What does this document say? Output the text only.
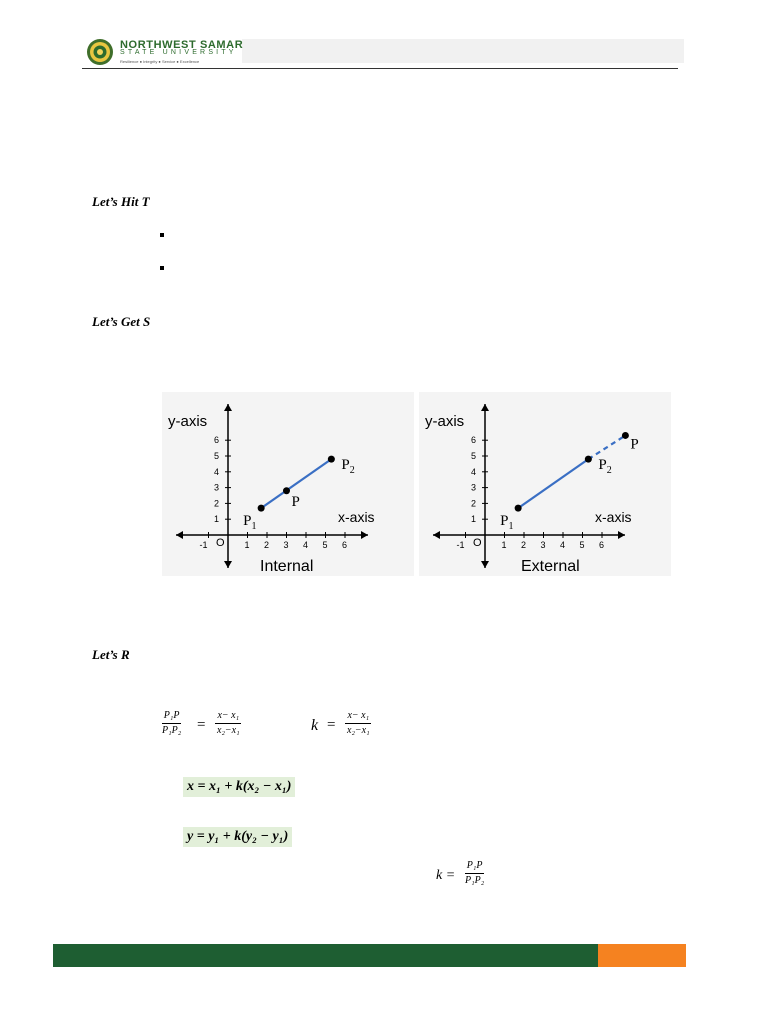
NORTHWEST SAMAR
STATE UNIVERSITY
Resilience ● Integrity ● Service ● Excellence
Let’s Hit T
Let’s Get S
y-axis
x-axis
O
-1	1 2 3 4 5 6
1
2
3
4
5
6
$P_1$
P
$P_2$
Internal
y-axis
x-axis
O
-1	1 2 3 4 5 6
1
2
3
4
5
6
$P_1$
$P_2$
P
External
Let’s R
$\frac{\text{P₁P}}{\text{P₁P₂}} = \frac{\text{x− x₁}}{\text{x₂−x₁}}$	$k = \frac{\text{x− x₁}}{\text{x₂−x₁}}$
x = x₁ + k(x₂ − x₁)
y = y₁ + k(y₂ − y₁)
$k = \frac{\text{P₁P}}{\text{P₁P₂}}$
